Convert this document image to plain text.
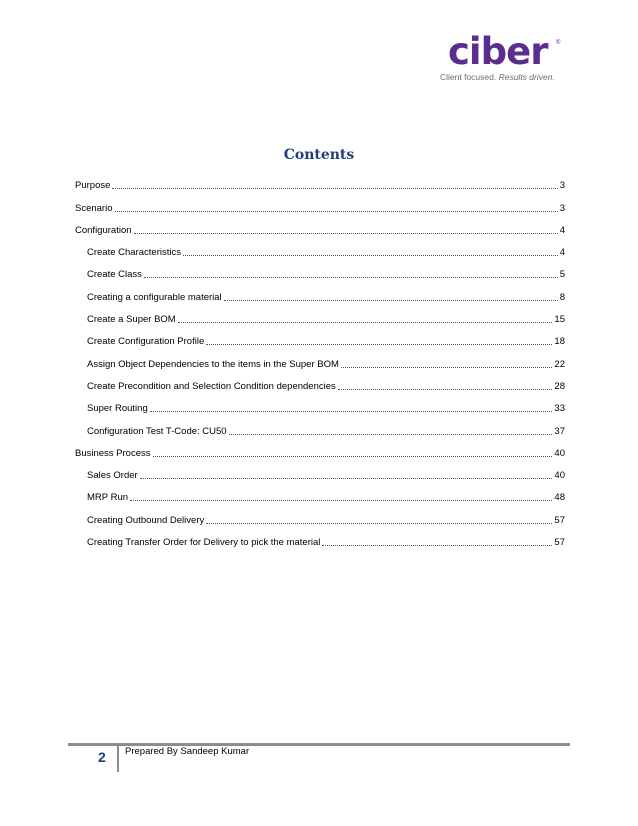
ciber ®
Client focused. Results driven.
Contents
Purpose	3
Scenario	3
Configuration	4
Create Characteristics	4
Create Class	5
Creating a configurable material	8
Create a Super BOM	15
Create Configuration Profile	18
Assign Object Dependencies to the items in the Super BOM	22
Create Precondition and Selection Condition dependencies	28
Super Routing	33
Configuration Test T-Code: CU50	37
Business Process	40
Sales Order	40
MRP Run	48
Creating Outbound Delivery	57
Creating Transfer Order for Delivery to pick the material	57
2 Prepared By Sandeep Kumar
